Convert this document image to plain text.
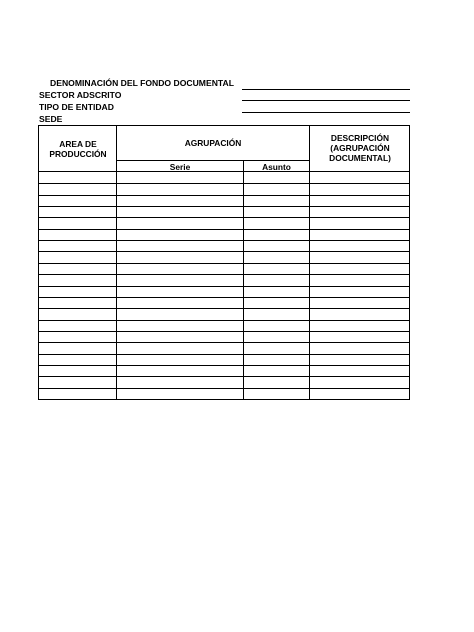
DENOMINACIÓN DEL FONDO DOCUMENTAL
SECTOR ADSCRITO
TIPO DE ENTIDAD
SEDE
AREA DE PRODUCCIÓN
AGRUPACIÓN	DESCRIPCIÓN (AGRUPACIÓN DOCUMENTAL)
Serie	Asunto
